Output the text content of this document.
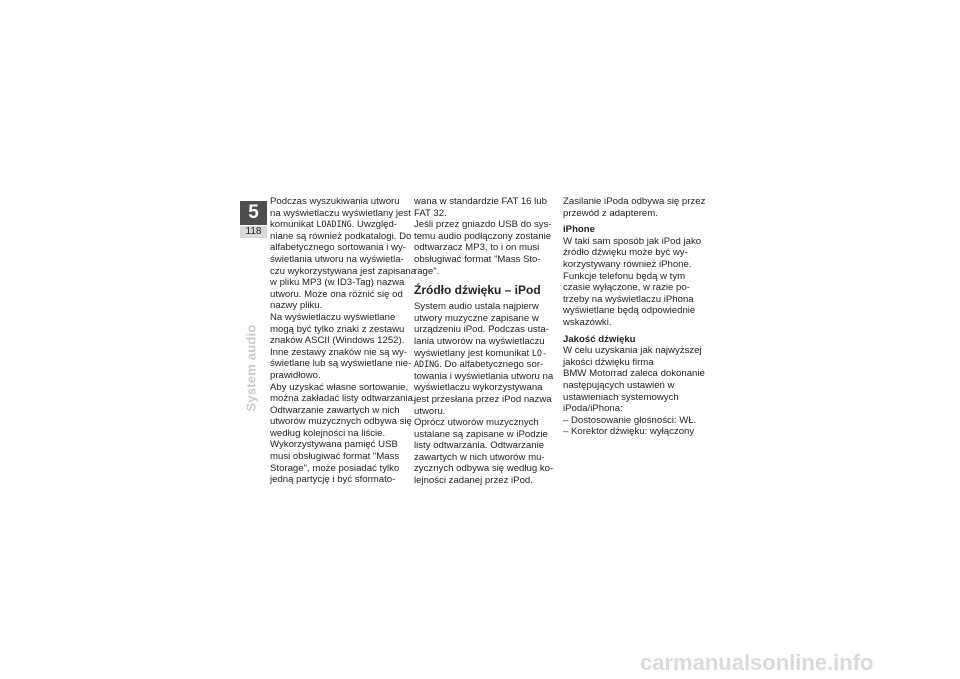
5
118
System audio
Podczas wyszukiwania utworu
na wyświetlaczu wyświetlany jest
komunikat LOADING. Uwzględ-
niane są również podkatalogi. Do
alfabetycznego sortowania i wy-
świetlania utworu na wyświetla-
czu wykorzystywana jest zapisana
w pliku MP3 (w ID3-Tag) nazwa
utworu. Może ona różnić się od
nazwy pliku.
Na wyświetlaczu wyświetlane
mogą być tylko znaki z zestawu
znaków ASCII (Windows 1252).
Inne zestawy znaków nie są wy-
świetlane lub są wyświetlane nie-
prawidłowo.
Aby uzyskać własne sortowanie,
można zakładać listy odtwarzania.
Odtwarzanie zawartych w nich
utworów muzycznych odbywa się
według kolejności na liście.
Wykorzystywana pamięć USB
musi obsługiwać format "Mass
Storage", może posiadać tylko
jedną partycję i być sformato-
wana w standardzie FAT 16 lub
FAT 32.
Jeśli przez gniazdo USB do sys-
temu audio podłączony zostanie
odtwarzacz MP3, to i on musi
obsługiwać format "Mass Sto-
rage".
Źródło dźwięku – iPod
System audio ustala najpierw
utwory muzyczne zapisane w
urządzeniu iPod. Podczas usta-
lania utworów na wyświetlaczu
wyświetlany jest komunikat LO-
ADING. Do alfabetycznego sor-
towania i wyświetlania utworu na
wyświetlaczu wykorzystywana
jest przesłana przez iPod nazwa
utworu.
Oprócz utworów muzycznych
ustalane są zapisane w iPodzie
listy odtwarzania. Odtwarzanie
zawartych w nich utworów mu-
zycznych odbywa się według ko-
lejności zadanej przez iPod.
Zasilanie iPoda odbywa się przez
przewód z adapterem.
iPhone
W taki sam sposób jak iPod jako
źródło dźwięku może być wy-
korzystywany również iPhone.
Funkcje telefonu będą w tym
czasie wyłączone, w razie po-
trzeby na wyświetlaczu iPhona
wyświetlane będą odpowiednie
wskazówki.
Jakość dźwięku
W celu uzyskania jak najwyższej
jakości dźwięku firma
BMW Motorrad zaleca dokonanie
następujących ustawień w
ustawieniach systemowych
iPoda/iPhona:
– Dostosowanie głośności: WŁ.
– Korektor dźwięku: wyłączony
carmanualsonline.info
